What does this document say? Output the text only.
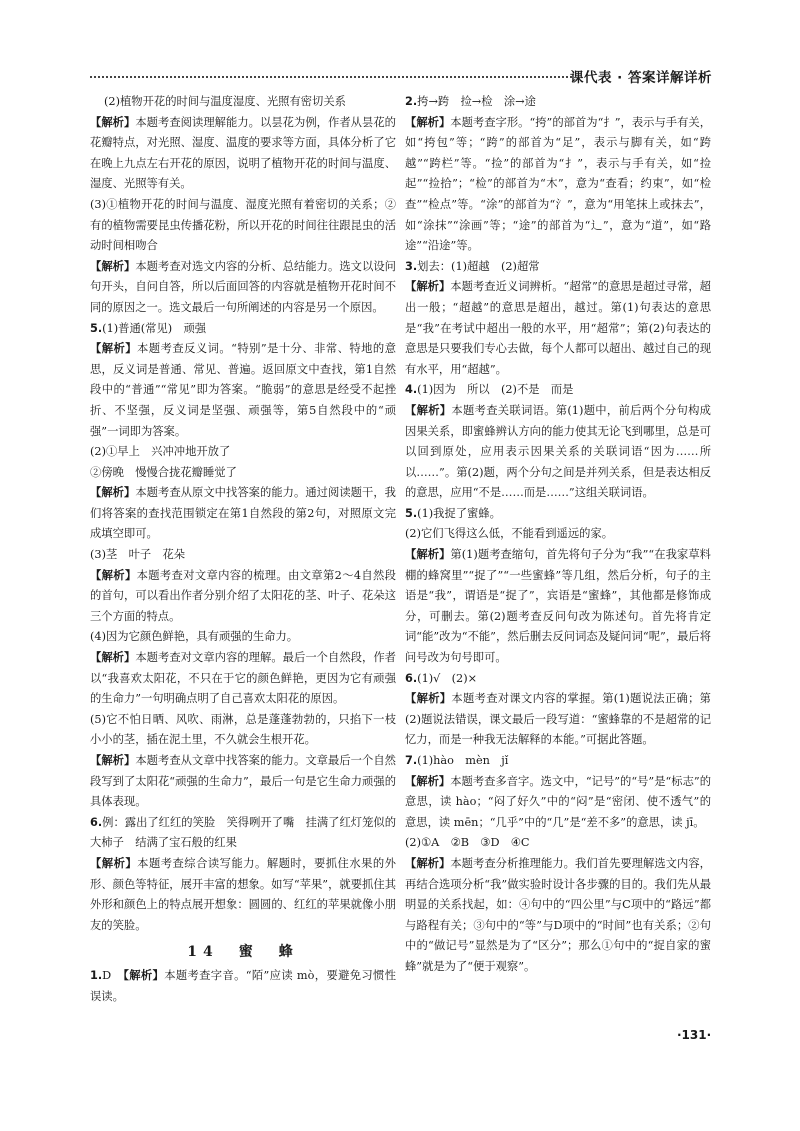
课代表 · 答案详解详析

(2)植物开花的时间与温度湿度、光照有密切关系

【解析】本题考查阅读理解能力。以昙花为例，作者从昙花的花瓣特点，对光照、湿度、温度的要求等方面，具体分析了它在晚上九点左右开花的原因，说明了植物开花的时间与温度、湿度、光照等有关。

(3)①植物开花的时间与温度、湿度光照有着密切的关系；②有的植物需要昆虫传播花粉，所以开花的时间往往跟昆虫的活动时间相吻合

【解析】本题考查对选文内容的分析、总结能力。选文以设问句开头，自问自答，所以后面回答的内容就是植物开花时间不同的原因之一。选文最后一句所阐述的内容是另一个原因。

5.(1)普通(常见)　顽强

【解析】本题考查反义词。“特别”是十分、非常、特地的意思，反义词是普通、常见、普遍。返回原文中查找，第1自然段中的“普通”“常见”即为答案。“脆弱”的意思是经受不起挫折、不坚强，反义词是坚强、顽强等，第5自然段中的“顽强”一词即为答案。

(2)①早上　兴冲冲地开放了

②傍晚　慢慢合拢花瓣睡觉了

【解析】本题考查从原文中找答案的能力。通过阅读题干，我们将答案的查找范围锁定在第1自然段的第2句，对照原文完成填空即可。

(3)茎　叶子　花朵

【解析】本题考查对文章内容的梳理。由文章第2～4自然段的首句，可以看出作者分别介绍了太阳花的茎、叶子、花朵这三个方面的特点。

(4)因为它颜色鲜艳，具有顽强的生命力。

【解析】本题考查对文章内容的理解。最后一个自然段，作者以“我喜欢太阳花，不只在于它的颜色鲜艳，更因为它有顽强的生命力”一句明确点明了自己喜欢太阳花的原因。

(5)它不怕日晒、风吹、雨淋，总是蓬蓬勃勃的，只掐下一枝小小的茎，插在泥土里，不久就会生根开花。

【解析】本题考查从文章中找答案的能力。文章最后一个自然段写到了太阳花“顽强的生命力”，最后一句是它生命力顽强的具体表现。

6.例：露出了红红的笑脸　笑得咧开了嘴　挂满了红灯笼似的大柿子　结满了宝石般的红果

【解析】本题考查综合读写能力。解题时，要抓住水果的外形、颜色等特征，展开丰富的想象。如写“苹果”，就要抓住其外形和颜色上的特点展开想象：圆圆的、红红的苹果就像小朋友的笑脸。

14　蜜　蜂

1.D　【解析】本题考查字音。“陌”应读 mò，要避免习惯性误读。

2.挎→跨　捡→检　涂→途

【解析】本题考查字形。“挎”的部首为“扌”，表示与手有关，如“挎包”等；“跨”的部首为“足”，表示与脚有关，如“跨越”“跨栏”等。“捡”的部首为“扌”，表示与手有关，如“捡起”“捡拾”；“检”的部首为“木”，意为“查看；约束”，如“检查”“检点”等。“涂”的部首为“氵”，意为“用笔抹上或抹去”，如“涂抹”“涂画”等；“途”的部首为“辶”，意为“道”，如“路途”“沿途”等。

3.划去：(1)超越　(2)超常

【解析】本题考查近义词辨析。“超常”的意思是超过寻常，超出一般；“超越”的意思是超出，越过。第(1)句表达的意思是“我”在考试中超出一般的水平，用“超常”；第(2)句表达的意思是只要我们专心去做，每个人都可以超出、越过自己的现有水平，用“超越”。

4.(1)因为　所以　(2)不是　而是

【解析】本题考查关联词语。第(1)题中，前后两个分句构成因果关系，即蜜蜂辨认方向的能力使其无论飞到哪里，总是可以回到原处，应用表示因果关系的关联词语“因为……所以……”。第(2)题，两个分句之间是并列关系，但是表达相反的意思，应用“不是……而是……”这组关联词语。

5.(1)我捉了蜜蜂。

(2)它们飞得这么低，不能看到遥远的家。

【解析】第(1)题考查缩句，首先将句子分为“我”“在我家草料棚的蜂窝里”“捉了”“一些蜜蜂”等几组，然后分析，句子的主语是“我”，谓语是“捉了”，宾语是“蜜蜂”，其他都是修饰成分，可删去。第(2)题考查反问句改为陈述句。首先将肯定词“能”改为“不能”，然后删去反问词态及疑问词“呢”，最后将问号改为句号即可。

6.(1)√　(2)×

【解析】本题考查对课文内容的掌握。第(1)题说法正确；第(2)题说法错误，课文最后一段写道：“蜜蜂靠的不是超常的记忆力，而是一种我无法解释的本能。”可据此答题。

7.(1)hào　mèn　jǐ

【解析】本题考查多音字。选文中，“记号”的“号”是“标志”的意思，读 hào；“闷了好久”中的“闷”是“密闭、使不透气”的意思，读 mēn；“几乎”中的“几”是“差不多”的意思，读 jī。

(2)①A　②B　③D　④C

【解析】本题考查分析推理能力。我们首先要理解选文内容，再结合选项分析“我”做实验时设计各步骤的目的。我们先从最明显的关系找起，如：④句中的“四公里”与C项中的“路远”都与路程有关；③句中的“等”与D项中的“时间”也有关系；②句中的“做记号”显然是为了“区分”；那么①句中的“捉自家的蜜蜂”就是为了“便于观察”。

·131·
